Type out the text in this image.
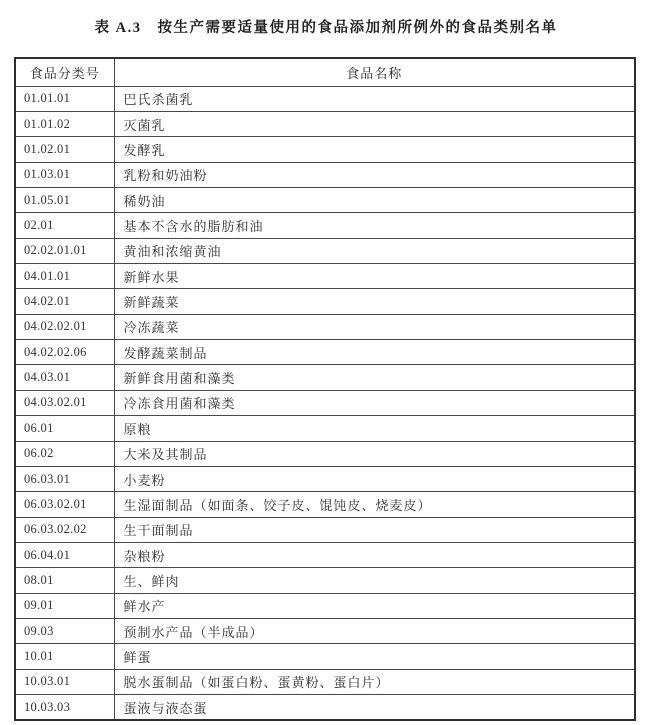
表 A.3　按生产需要适量使用的食品添加剂所例外的食品类别名单
食品分类号	食品名称
01.01.01	巴氏杀菌乳
01.01.02	灭菌乳
01.02.01	发酵乳
01.03.01	乳粉和奶油粉
01.05.01	稀奶油
02.01	基本不含水的脂肪和油
02.02.01.01	黄油和浓缩黄油
04.01.01	新鲜水果
04.02.01	新鲜蔬菜
04.02.02.01	冷冻蔬菜
04.02.02.06	发酵蔬菜制品
04.03.01	新鲜食用菌和藻类
04.03.02.01	冷冻食用菌和藻类
06.01	原粮
06.02	大米及其制品
06.03.01	小麦粉
06.03.02.01	生湿面制品（如面条、饺子皮、馄饨皮、烧麦皮）
06.03.02.02	生干面制品
06.04.01	杂粮粉
08.01	生、鲜肉
09.01	鲜水产
09.03	预制水产品（半成品）
10.01	鲜蛋
10.03.01	脱水蛋制品（如蛋白粉、蛋黄粉、蛋白片）
10.03.03	蛋液与液态蛋
